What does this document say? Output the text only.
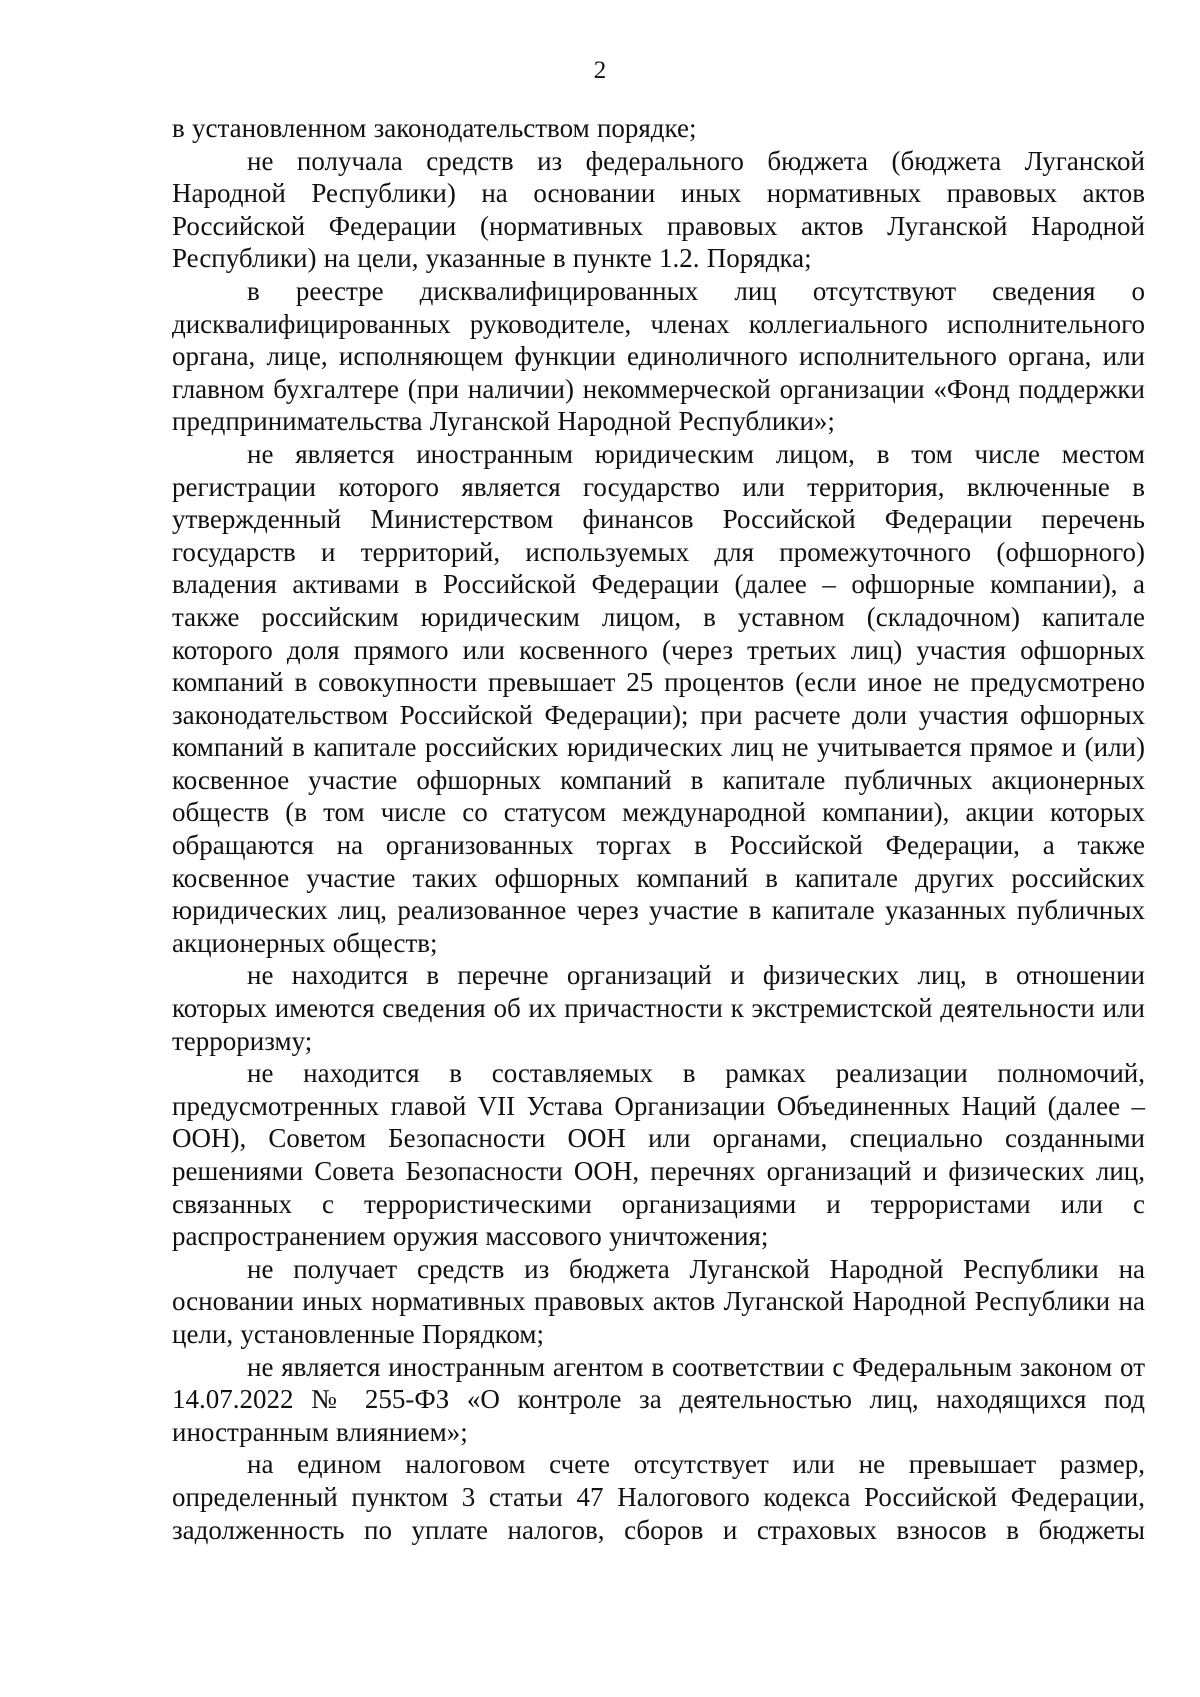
2

в установленном законодательством порядке;

не получала средств из федерального бюджета (бюджета Луганской Народной Республики) на основании иных нормативных правовых актов Российской Федерации (нормативных правовых актов Луганской Народной Республики) на цели, указанные в пункте 1.2. Порядка;

в реестре дисквалифицированных лиц отсутствуют сведения о дисквалифицированных руководителе, членах коллегиального исполнительного органа, лице, исполняющем функции единоличного исполнительного органа, или главном бухгалтере (при наличии) некоммерческой организации «Фонд поддержки предпринимательства Луганской Народной Республики»;

не является иностранным юридическим лицом, в том числе местом регистрации которого является государство или территория, включенные в утвержденный Министерством финансов Российской Федерации перечень государств и территорий, используемых для промежуточного (офшорного) владения активами в Российской Федерации (далее – офшорные компании), а также российским юридическим лицом, в уставном (складочном) капитале которого доля прямого или косвенного (через третьих лиц) участия офшорных компаний в совокупности превышает 25 процентов (если иное не предусмотрено законодательством Российской Федерации); при расчете доли участия офшорных компаний в капитале российских юридических лиц не учитывается прямое и (или) косвенное участие офшорных компаний в капитале публичных акционерных обществ (в том числе со статусом международной компании), акции которых обращаются на организованных торгах в Российской Федерации, а также косвенное участие таких офшорных компаний в капитале других российских юридических лиц, реализованное через участие в капитале указанных публичных акционерных обществ;

не находится в перечне организаций и физических лиц, в отношении которых имеются сведения об их причастности к экстремистской деятельности или терроризму;

не находится в составляемых в рамках реализации полномочий, предусмотренных главой VII Устава Организации Объединенных Наций (далее – ООН), Советом Безопасности ООН или органами, специально созданными решениями Совета Безопасности ООН, перечнях организаций и физических лиц, связанных с террористическими организациями и террористами или с распространением оружия массового уничтожения;

не получает средств из бюджета Луганской Народной Республики на основании иных нормативных правовых актов Луганской Народной Республики на цели, установленные Порядком;

не является иностранным агентом в соответствии с Федеральным законом от 14.07.2022 № 255-ФЗ «О контроле за деятельностью лиц, находящихся под иностранным влиянием»;

на едином налоговом счете отсутствует или не превышает размер, определенный пунктом 3 статьи 47 Налогового кодекса Российской Федерации, задолженность по уплате налогов, сборов и страховых взносов в бюджеты
